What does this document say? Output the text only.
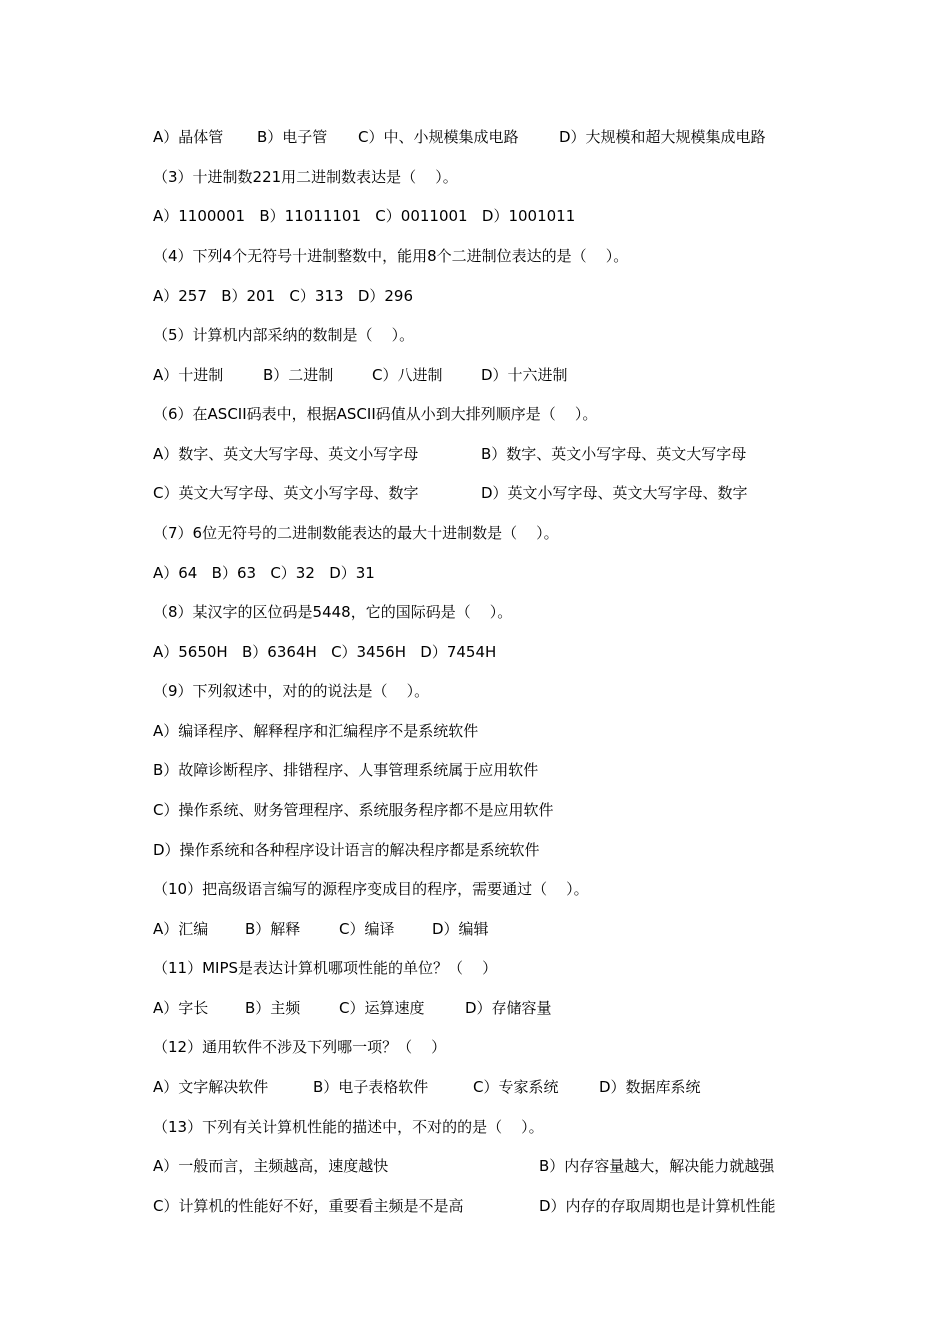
A）晶体管

B）电子管

C）中、小规模集成电路

	D）大规模和超大规模集成电路

（3）十进制数221用二进制数表达是（    ）。
A）1100001   B）11011101   C）0011001   D）1001011
（4）下列4个无符号十进制整数中，能用8个二进制位表达的是（    ）。
A）257   B）201   C）313   D）296
（5）计算机内部采纳的数制是（    ）。

A）十进制

	B）二进制

	C）八进制

	D）十六进制

（6）在ASCII码表中，根据ASCII码值从小到大排列顺序是（    ）。

A）数字、英文大写字母、英文小写字母

	B）数字、英文小写字母、英文大写字母

C）英文大写字母、英文小写字母、数字

	D）英文小写字母、英文大写字母、数字

（7）6位无符号的二进制数能表达的最大十进制数是（    ）。
A）64   B）63   C）32   D）31
（8）某汉字的区位码是5448，它的国际码是（    ）。
A）5650H   B）6364H   C）3456H   D）7454H
（9）下列叙述中，对的的说法是（    ）。
A）编译程序、解释程序和汇编程序不是系统软件
B）故障诊断程序、排错程序、人事管理系统属于应用软件
C）操作系统、财务管理程序、系统服务程序都不是应用软件
D）操作系统和各种程序设计语言的解决程序都是系统软件
（10）把高级语言编写的源程序变成目的程序，需要通过（    ）。

A）汇编

B）解释

	C）编译

	D）编辑

（11）MIPS是表达计算机哪项性能的单位？（    ）

A）字长

B）主频

	C）运算速度

	D）存储容量

（12）通用软件不涉及下列哪一项？（    ）

A）文字解决软件

	B）电子表格软件

	C）专家系统

	D）数据库系统

（13）下列有关计算机性能的描述中，不对的的是（    ）。

A）一般而言，主频越高，速度越快

	B）内存容量越大，解决能力就越强

C）计算机的性能好不好，重要看主频是不是高

	D）内存的存取周期也是计算机性能
